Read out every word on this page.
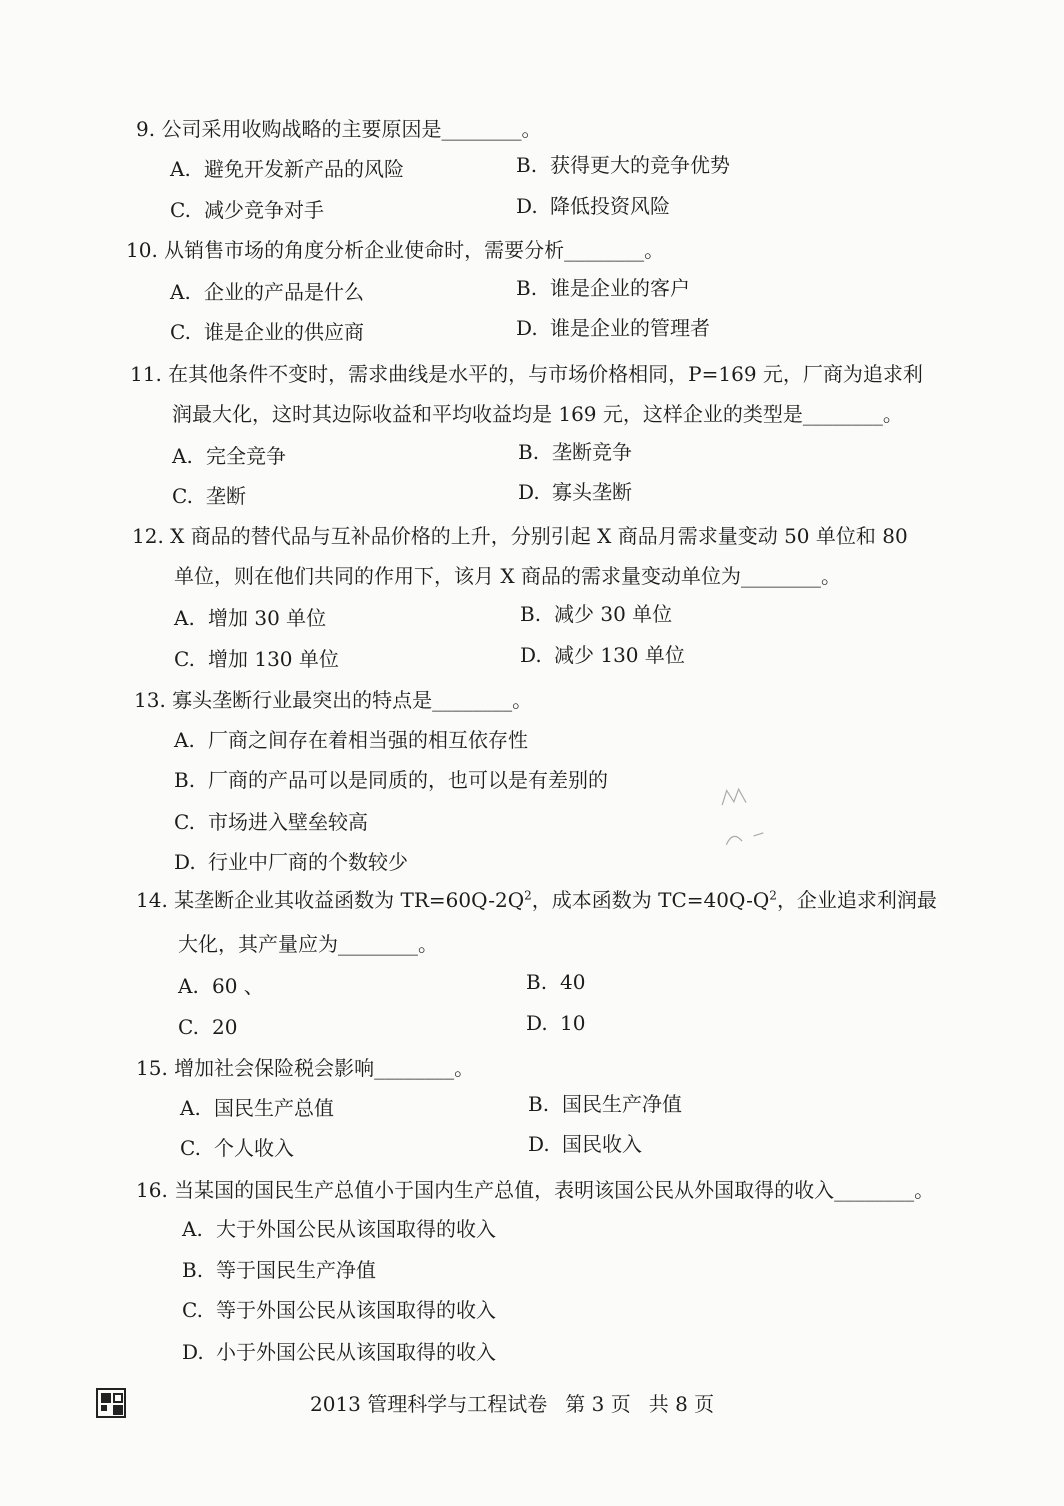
9. 公司采用收购战略的主要原因是________。
A. 避免开发新产品的风险	B. 获得更大的竞争优势
C. 减少竞争对手	D. 降低投资风险
10. 从销售市场的角度分析企业使命时，需要分析________。
A. 企业的产品是什么	B. 谁是企业的客户
C. 谁是企业的供应商	D. 谁是企业的管理者
11. 在其他条件不变时，需求曲线是水平的，与市场价格相同，P=169 元，厂商为追求利
润最大化，这时其边际收益和平均收益均是 169 元，这样企业的类型是________。
A. 完全竞争	B. 垄断竞争
C. 垄断	D. 寡头垄断
12. X 商品的替代品与互补品价格的上升，分别引起 X 商品月需求量变动 50 单位和 80
单位，则在他们共同的作用下，该月 X 商品的需求量变动单位为________。
A. 增加 30 单位	B. 减少 30 单位
C. 增加 130 单位	D. 减少 130 单位
13. 寡头垄断行业最突出的特点是________。
A. 厂商之间存在着相当强的相互依存性
B. 厂商的产品可以是同质的，也可以是有差别的
C. 市场进入壁垒较高
D. 行业中厂商的个数较少
14. 某垄断企业其收益函数为 $TR=60Q-2Q^2$，成本函数为 $TC=40Q-Q^2$，企业追求利润最
大化，其产量应为________。
A. 60 、	B. 40
C. 20	D. 10
15. 增加社会保险税会影响________。
A. 国民生产总值	B. 国民生产净值
C. 个人收入	D. 国民收入
16. 当某国的国民生产总值小于国内生产总值，表明该国公民从外国取得的收入________。
A. 大于外国公民从该国取得的收入
B. 等于国民生产净值
C. 等于外国公民从该国取得的收入
D. 小于外国公民从该国取得的收入
2013 管理科学与工程试卷 第 3 页 共 8 页
